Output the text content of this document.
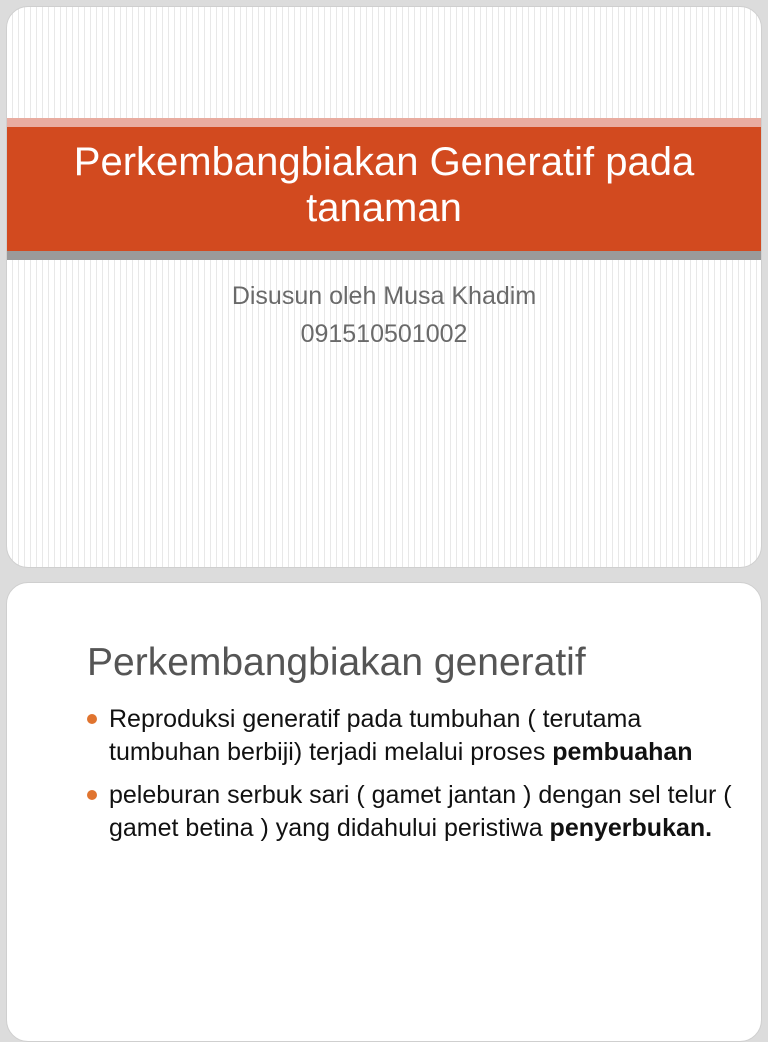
Perkembangbiakan Generatif pada tanaman
Disusun oleh Musa Khadim
091510501002
Perkembangbiakan generatif
Reproduksi generatif pada tumbuhan ( terutama tumbuhan berbiji) terjadi melalui proses pembuahan
peleburan serbuk sari ( gamet jantan ) dengan sel telur ( gamet betina ) yang didahului peristiwa penyerbukan.
